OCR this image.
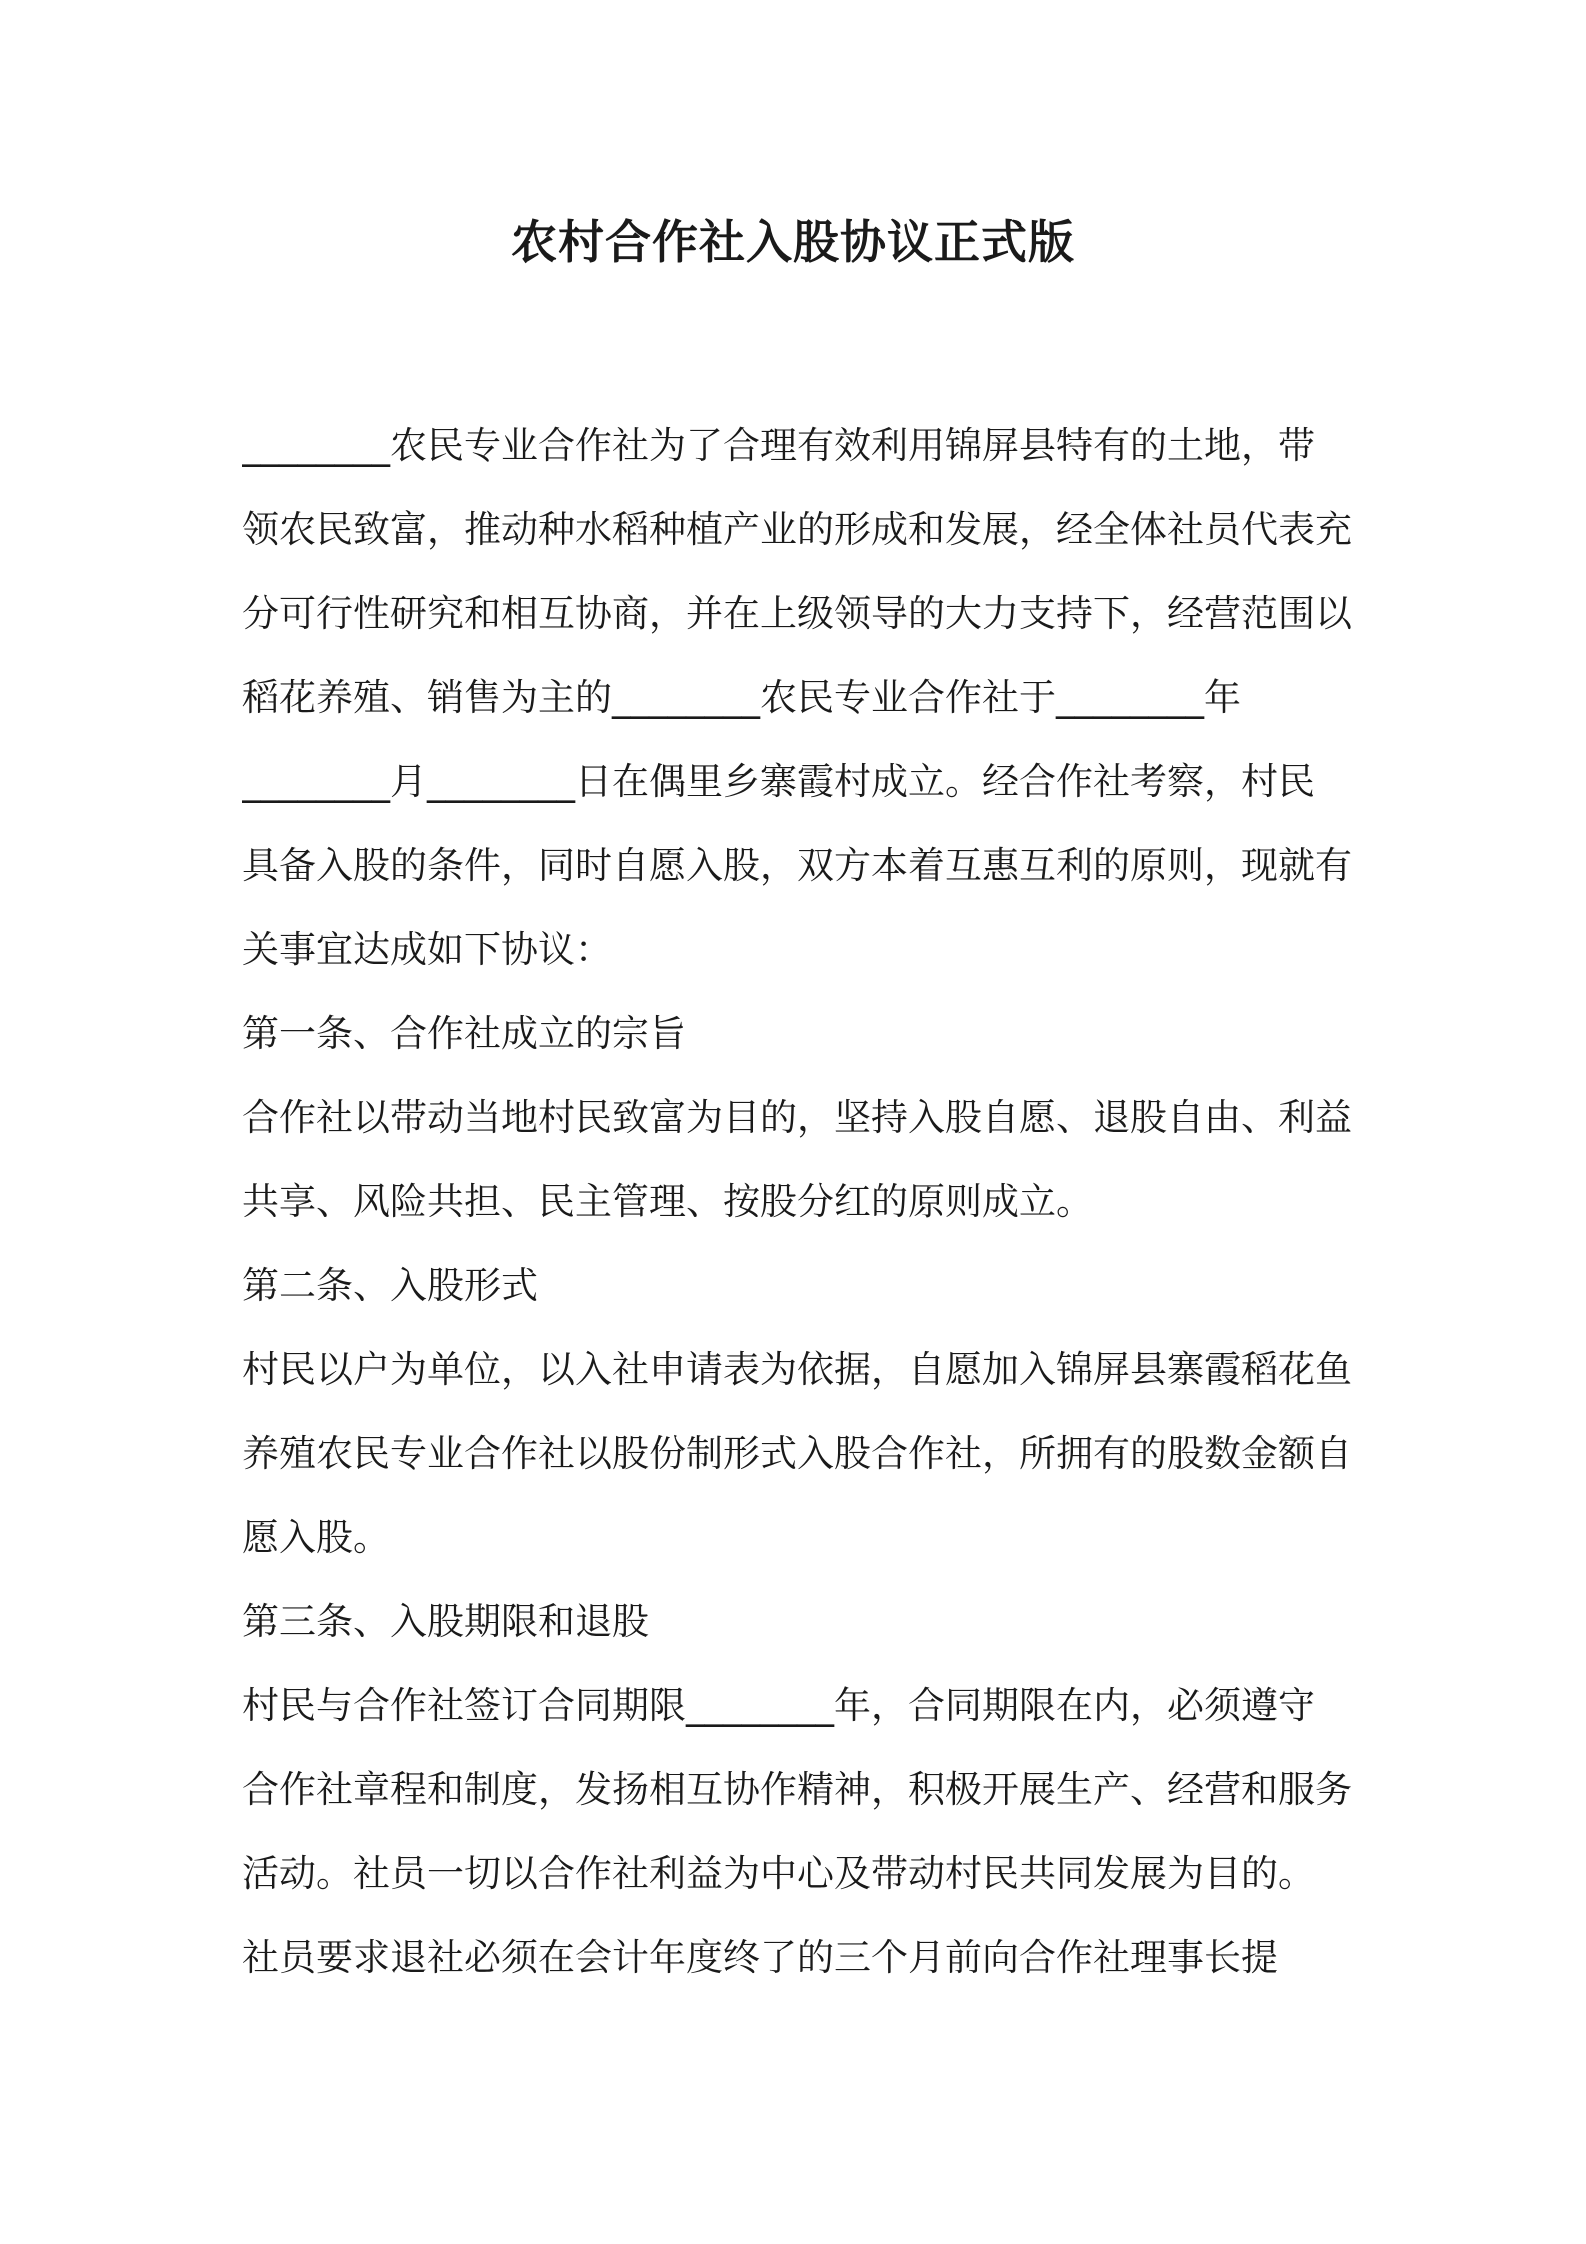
农村合作社入股协议正式版
________农民专业合作社为了合理有效利用锦屏县特有的土地，带
领农民致富，推动种水稻种植产业的形成和发展，经全体社员代表充
分可行性研究和相互协商，并在上级领导的大力支持下，经营范围以
稻花养殖、销售为主的________农民专业合作社于________年
________月________日在偶里乡寨霞村成立。经合作社考察，村民
具备入股的条件，同时自愿入股，双方本着互惠互利的原则，现就有
关事宜达成如下协议：
第一条、合作社成立的宗旨
合作社以带动当地村民致富为目的，坚持入股自愿、退股自由、利益
共享、风险共担、民主管理、按股分红的原则成立。
第二条、入股形式
村民以户为单位，以入社申请表为依据，自愿加入锦屏县寨霞稻花鱼
养殖农民专业合作社以股份制形式入股合作社，所拥有的股数金额自
愿入股。
第三条、入股期限和退股
村民与合作社签订合同期限________年，合同期限在内，必须遵守
合作社章程和制度，发扬相互协作精神，积极开展生产、经营和服务
活动。社员一切以合作社利益为中心及带动村民共同发展为目的。
社员要求退社必须在会计年度终了的三个月前向合作社理事长提
